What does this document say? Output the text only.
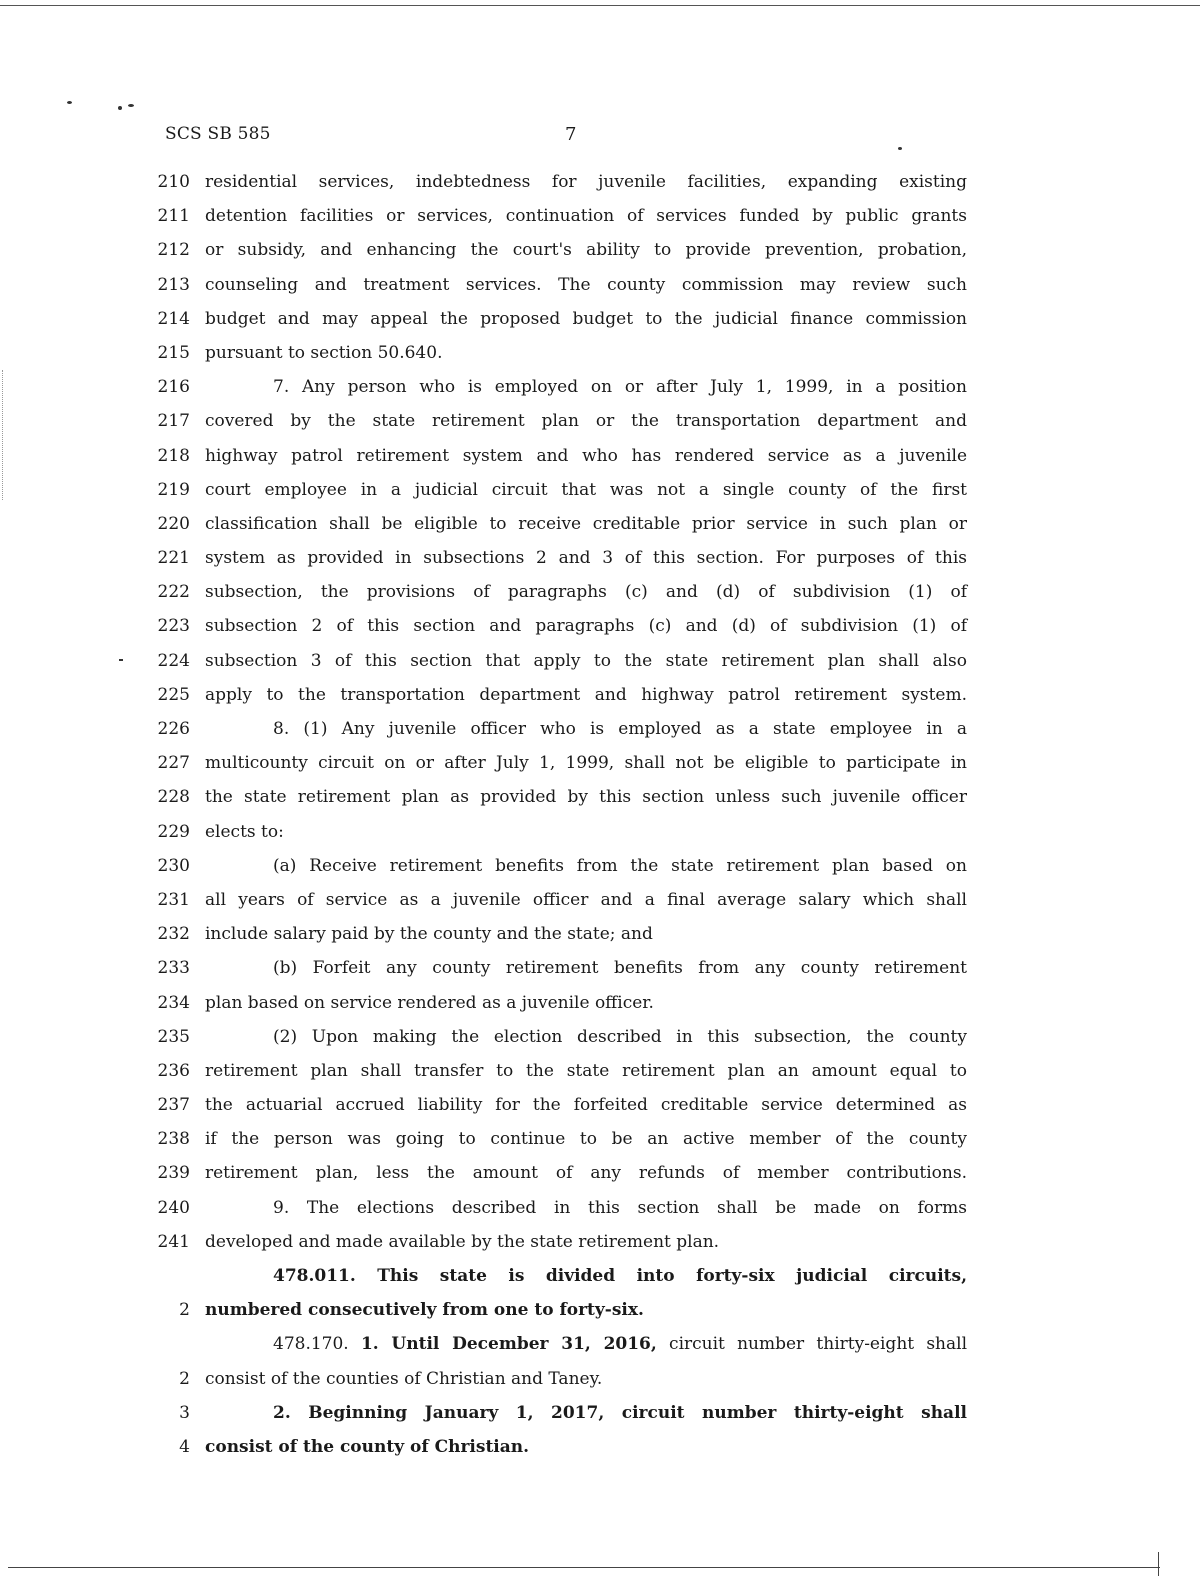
SCS SB 585	7
210 residential services, indebtedness for juvenile facilities, expanding existing
211 detention facilities or services, continuation of services funded by public grants
212 or subsidy, and enhancing the court's ability to provide prevention, probation,
213 counseling and treatment services. The county commission may review such
214 budget and may appeal the proposed budget to the judicial finance commission
215 pursuant to section 50.640.
216	7. Any person who is employed on or after July 1, 1999, in a position
217 covered by the state retirement plan or the transportation department and
218 highway patrol retirement system and who has rendered service as a juvenile
219 court employee in a judicial circuit that was not a single county of the first
220 classification shall be eligible to receive creditable prior service in such plan or
221 system as provided in subsections 2 and 3 of this section. For purposes of this
222 subsection, the provisions of paragraphs (c) and (d) of subdivision (1) of
223 subsection 2 of this section and paragraphs (c) and (d) of subdivision (1) of
224 subsection 3 of this section that apply to the state retirement plan shall also
225 apply to the transportation department and highway patrol retirement system.
226	8. (1) Any juvenile officer who is employed as a state employee in a
227 multicounty circuit on or after July 1, 1999, shall not be eligible to participate in
228 the state retirement plan as provided by this section unless such juvenile officer
229 elects to:
230	(a) Receive retirement benefits from the state retirement plan based on
231 all years of service as a juvenile officer and a final average salary which shall
232 include salary paid by the county and the state; and
233	(b) Forfeit any county retirement benefits from any county retirement
234 plan based on service rendered as a juvenile officer.
235	(2) Upon making the election described in this subsection, the county
236 retirement plan shall transfer to the state retirement plan an amount equal to
237 the actuarial accrued liability for the forfeited creditable service determined as
238 if the person was going to continue to be an active member of the county
239 retirement plan, less the amount of any refunds of member contributions.
240	9. The elections described in this section shall be made on forms
241 developed and made available by the state retirement plan.
478.011. This state is divided into forty-six judicial circuits,
2 numbered consecutively from one to forty-six.
478.170. 1. Until December 31, 2016, circuit number thirty-eight shall
2 consist of the counties of Christian and Taney.
3	2. Beginning January 1, 2017, circuit number thirty-eight shall
4 consist of the county of Christian.
